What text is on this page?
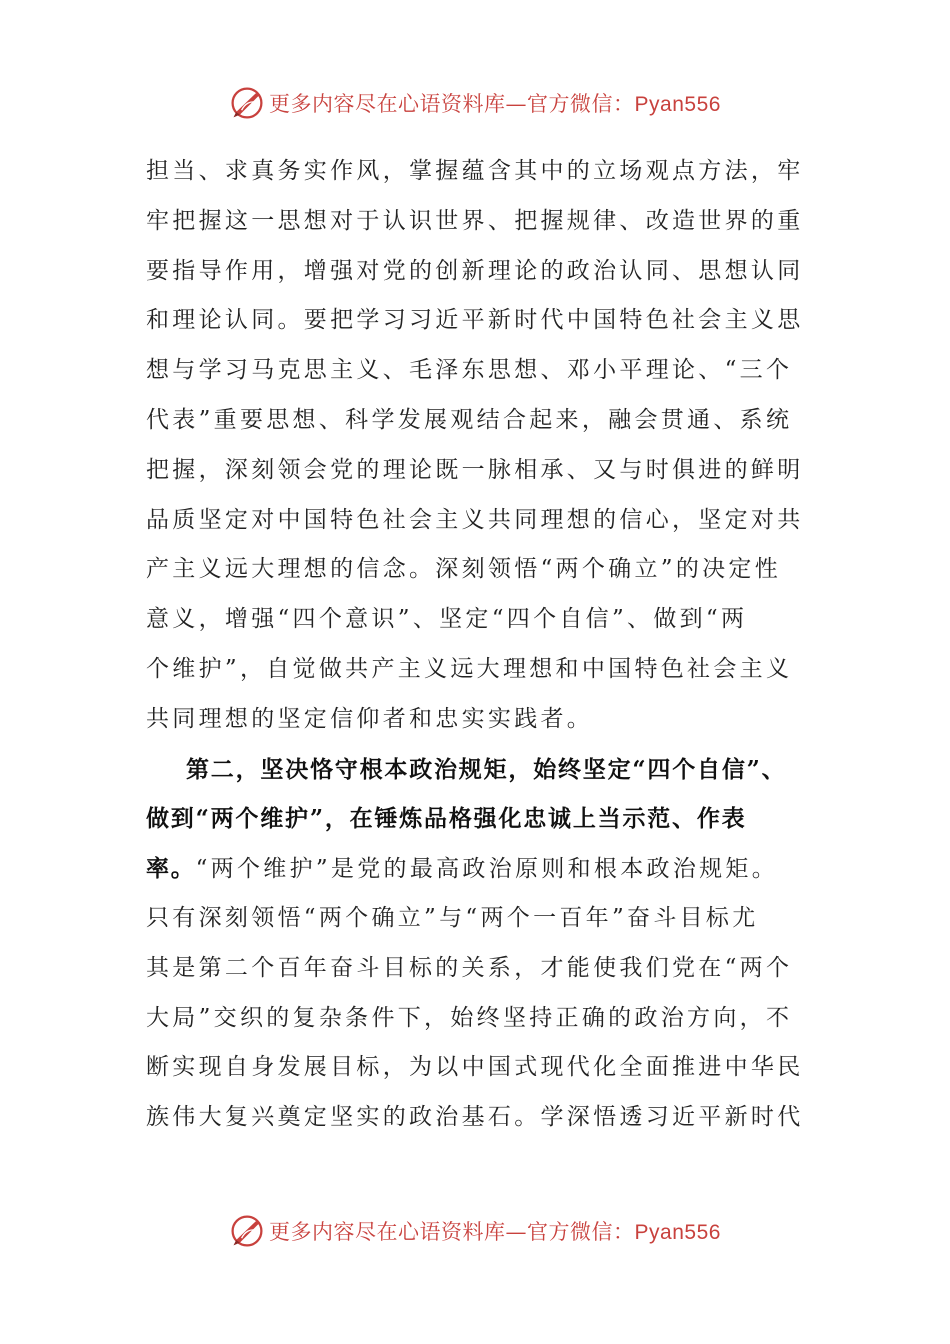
更多内容尽在心语资料库—官方微信：Pyan556
担当、求真务实作风，掌握蕴含其中的立场观点方法，牢
牢把握这一思想对于认识世界、把握规律、改造世界的重
要指导作用，增强对党的创新理论的政治认同、思想认同
和理论认同。要把学习习近平新时代中国特色社会主义思
想与学习马克思主义、毛泽东思想、邓小平理论、“三个
代表”重要思想、科学发展观结合起来，融会贯通、系统
把握，深刻领会党的理论既一脉相承、又与时俱进的鲜明
品质坚定对中国特色社会主义共同理想的信心，坚定对共
产主义远大理想的信念。深刻领悟“两个确立”的决定性
意义，增强“四个意识”、坚定“四个自信”、做到“两
个维护”，自觉做共产主义远大理想和中国特色社会主义
共同理想的坚定信仰者和忠实实践者。
第二，坚决恪守根本政治规矩，始终坚定“四个自信”、
做到“两个维护”，在锤炼品格强化忠诚上当示范、作表
率。“两个维护”是党的最高政治原则和根本政治规矩。
只有深刻领悟“两个确立”与“两个一百年”奋斗目标尤
其是第二个百年奋斗目标的关系，才能使我们党在“两个
大局”交织的复杂条件下，始终坚持正确的政治方向，不
断实现自身发展目标，为以中国式现代化全面推进中华民
族伟大复兴奠定坚实的政治基石。学深悟透习近平新时代
更多内容尽在心语资料库—官方微信：Pyan556
